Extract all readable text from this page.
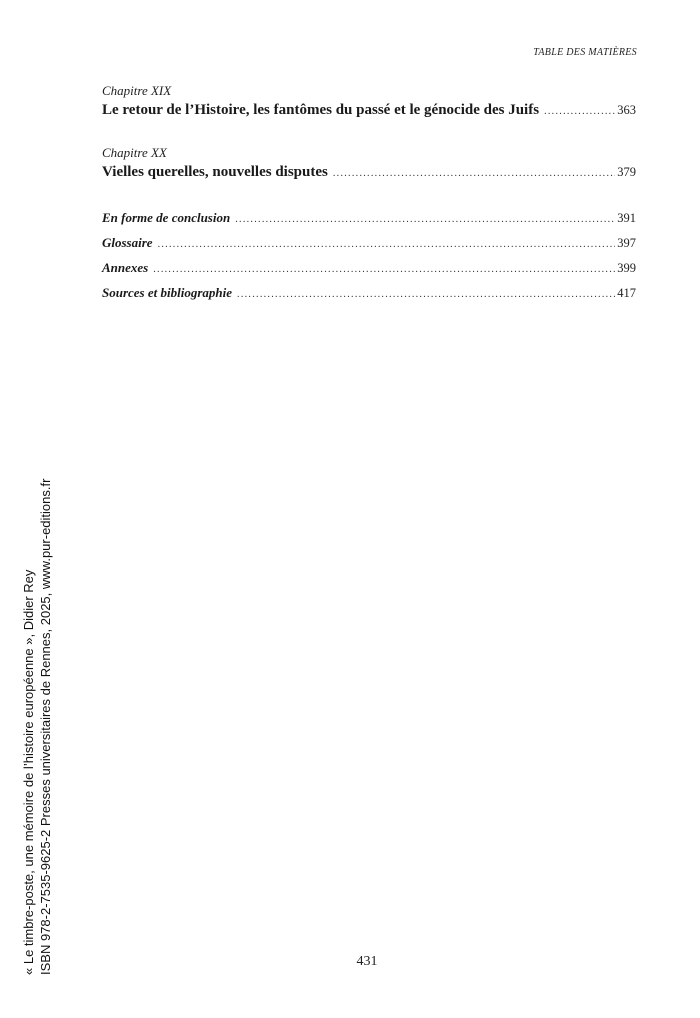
TABLE DES MATIÈRES
Chapitre XIX
Le retour de l’Histoire, les fantômes du passé et le génocide des Juifs . . .	363
Chapitre XX
Vielles querelles, nouvelles disputes . . .	379
En forme de conclusion . . .	391
Glossaire . . .	397
Annexes . . .	399
Sources et bibliographie . . .	417
« Le timbre-poste, une mémoire de l’histoire européenne », Didier Rey ISBN 978-2-7535-9625-2 Presses universitaires de Rennes, 2025, www.pur-editions.fr	431
